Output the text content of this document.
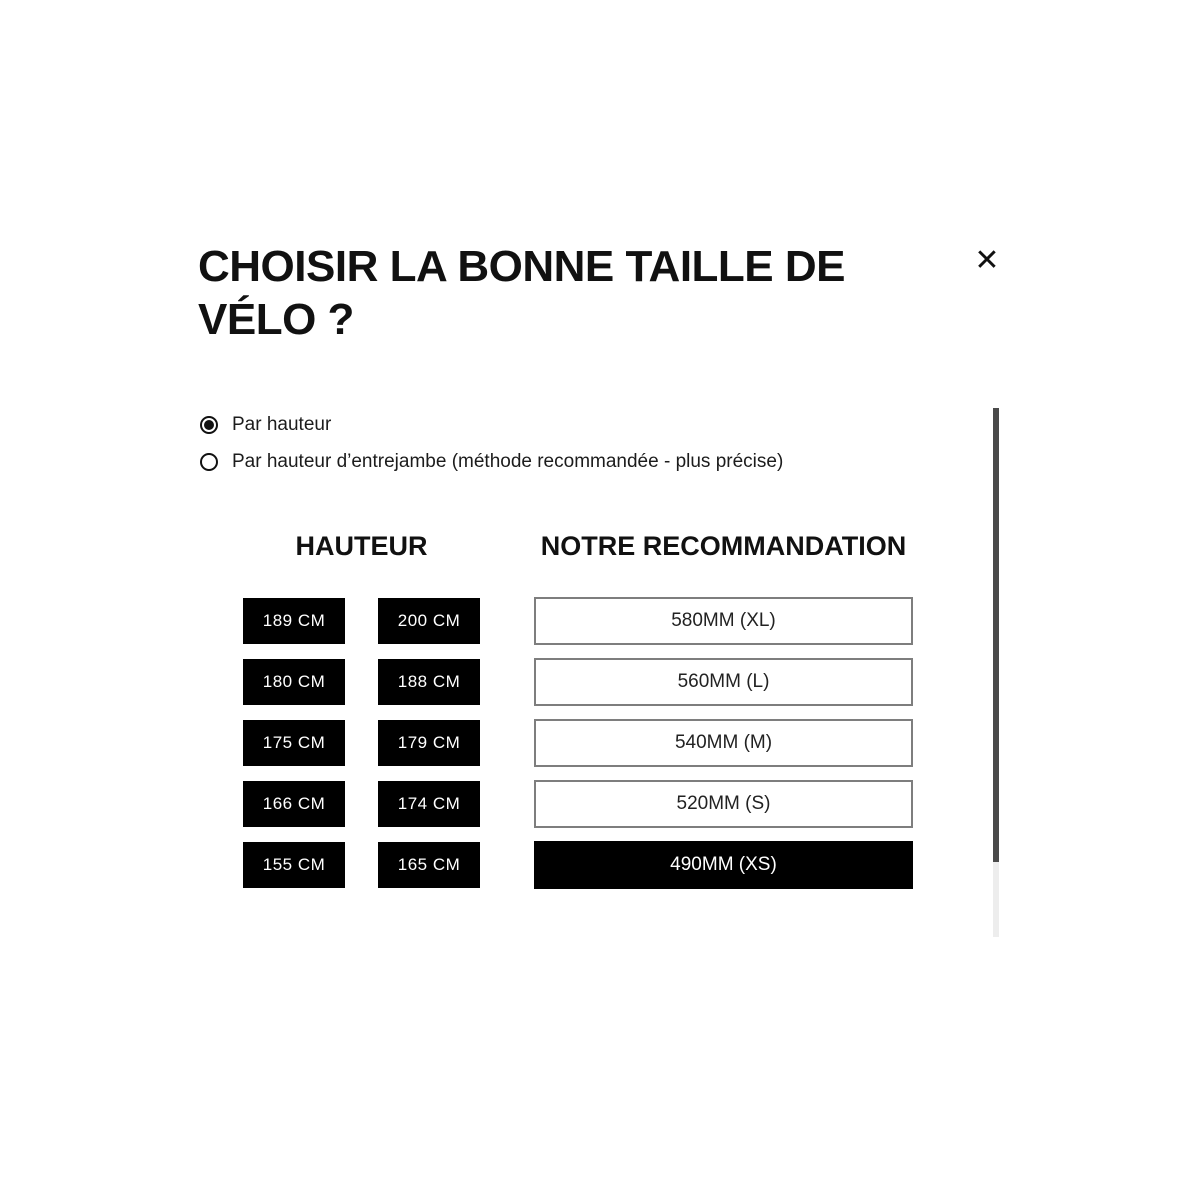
CHOISIR LA BONNE TAILLE DE VÉLO ?
✕
Par hauteur
Par hauteur d’entrejambe (méthode recommandée - plus précise)
HAUTEUR	NOTRE RECOMMANDATION
189 CM	200 CM	580MM (XL)
180 CM	188 CM	560MM (L)
175 CM	179 CM	540MM (M)
166 CM	174 CM	520MM (S)
155 CM	165 CM	490MM (XS)
